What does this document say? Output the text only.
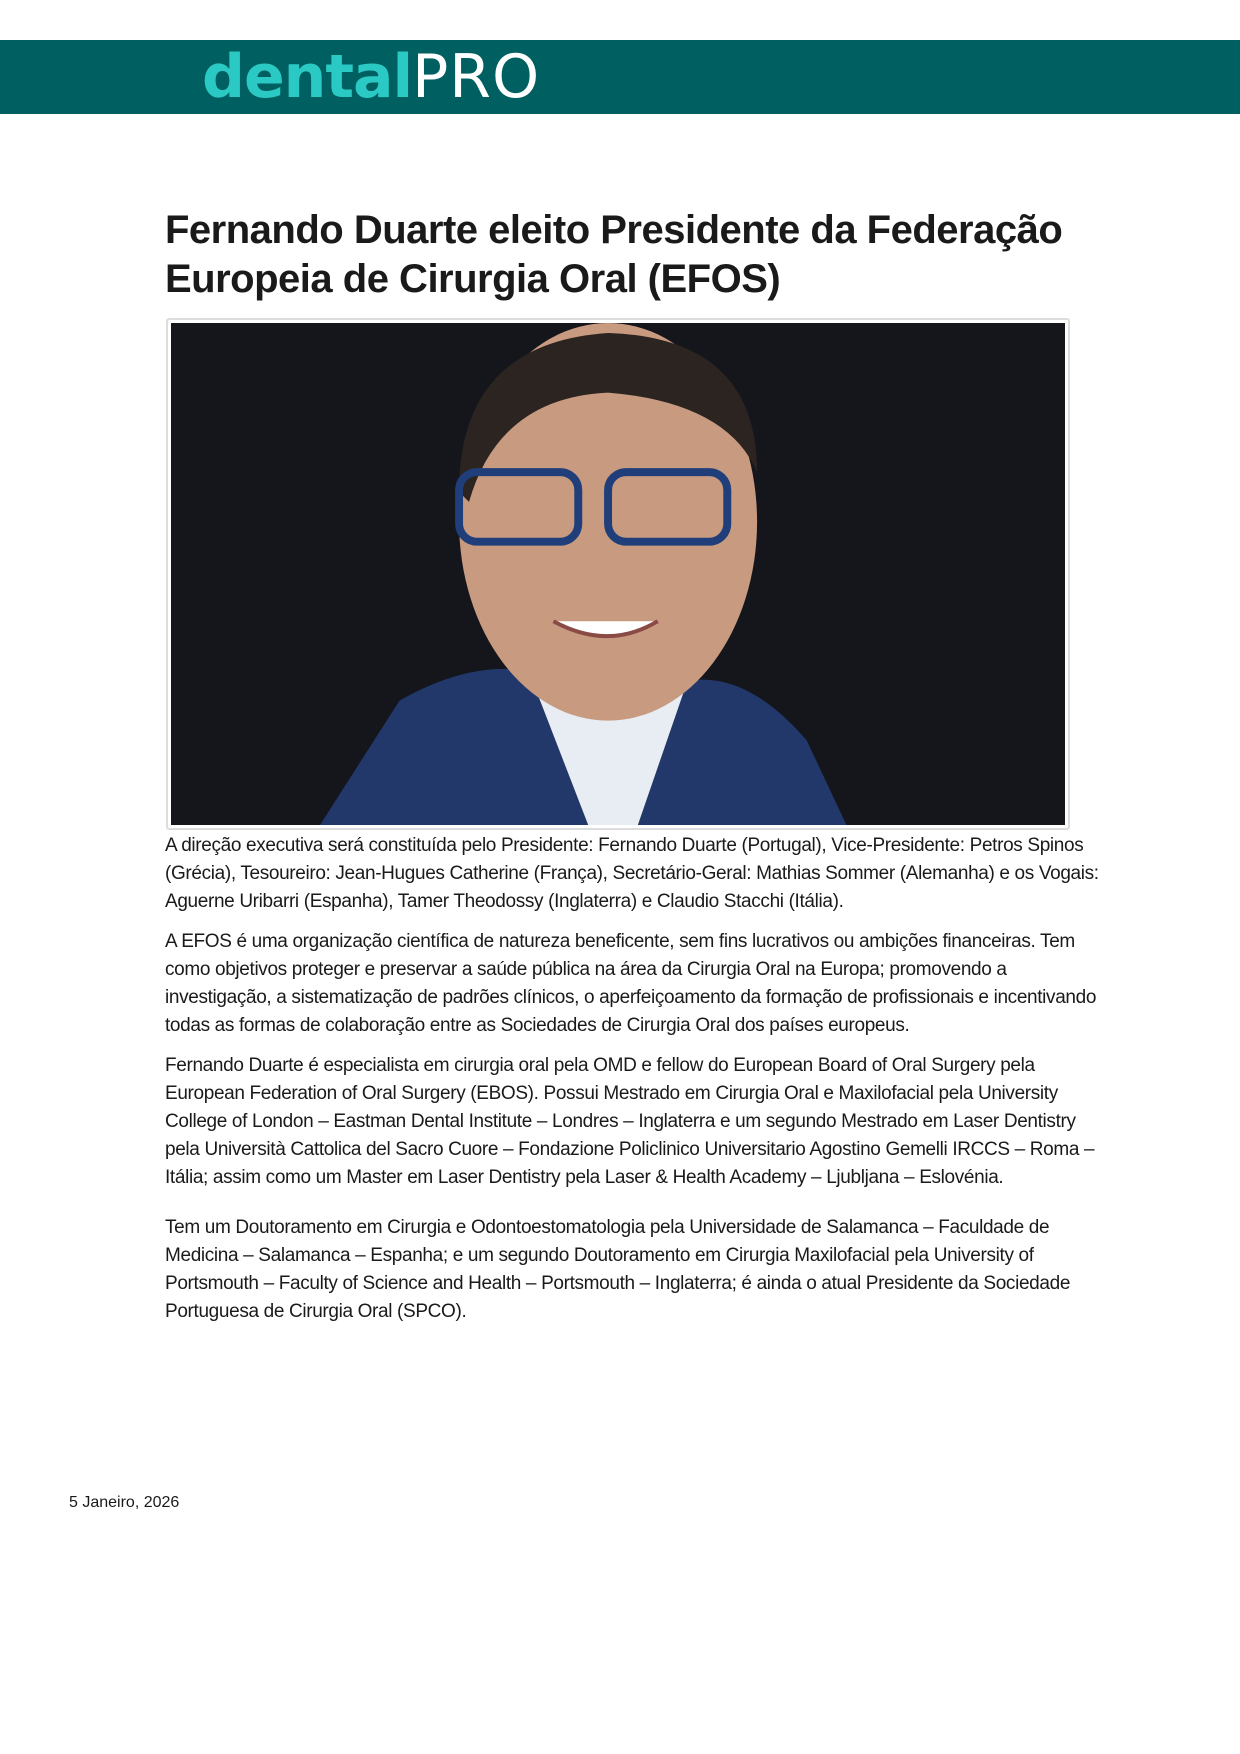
dentalPRO
Fernando Duarte eleito Presidente da Federação Europeia de Cirurgia Oral (EFOS)

A direção executiva será constituída pelo Presidente: Fernando Duarte (Portugal), Vice-Presidente: Petros Spinos (Grécia), Tesoureiro: Jean-Hugues Catherine (França), Secretário-Geral: Mathias Sommer (Alemanha) e os Vogais: Aguerne Uribarri (Espanha), Tamer Theodossy (Inglaterra) e Claudio Stacchi (Itália).

A EFOS é uma organização científica de natureza beneficente, sem fins lucrativos ou ambições financeiras. Tem como objetivos proteger e preservar a saúde pública na área da Cirurgia Oral na Europa; promovendo a investigação, a sistematização de padrões clínicos, o aperfeiçoamento da formação de profissionais e incentivando todas as formas de colaboração entre as Sociedades de Cirurgia Oral dos países europeus.

Fernando Duarte é especialista em cirurgia oral pela OMD e fellow do European Board of Oral Surgery pela European Federation of Oral Surgery (EBOS). Possui Mestrado em Cirurgia Oral e Maxilofacial pela University College of London – Eastman Dental Institute – Londres – Inglaterra e um segundo Mestrado em Laser Dentistry pela Università Cattolica del Sacro Cuore – Fondazione Policlinico Universitario Agostino Gemelli IRCCS – Roma – Itália; assim como um Master em Laser Dentistry pela Laser & Health Academy – Ljubljana – Eslovénia.

Tem um Doutoramento em Cirurgia e Odontoestomatologia pela Universidade de Salamanca – Faculdade de Medicina – Salamanca – Espanha; e um segundo Doutoramento em Cirurgia Maxilofacial pela University of Portsmouth – Faculty of Science and Health – Portsmouth – Inglaterra; é ainda o atual Presidente da Sociedade Portuguesa de Cirurgia Oral (SPCO).

5 Janeiro, 2026
